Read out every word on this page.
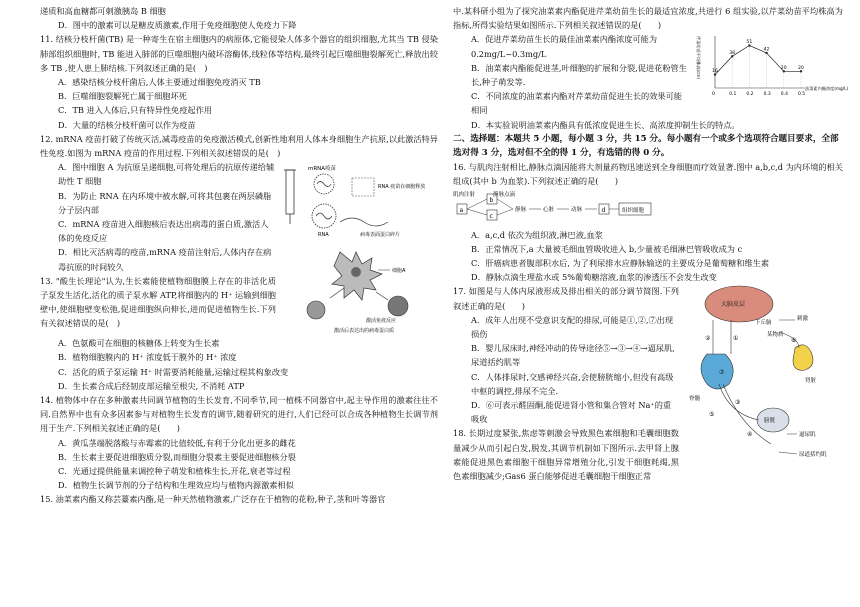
递质和高血糖都可刺激胰岛 B 细胞

D．图中的激素可以是糖皮质激素,作用于免疫细胞使人免疫力下降

11. 结核分枝杆菌(TB) 是一种寄生在宿主细胞内的病原体,它能侵染人体多个器官的组织细胞,尤其当 TB 侵染肺部组织细胞时, TB 能进入肺部的巨噬细胞内破坏溶酶体,线粒体等结构,最终引起巨噬细胞裂解死亡,释放出较多 TB ,使人患上肺结核.下列叙述正确的是(　)

A．感染结核分枝杆菌后,人体主要通过细胞免疫消灭 TB

B．巨噬细胞裂解死亡属于细胞坏死

C．TB 进入人体后,只有特异性免疫起作用

D．大量的结核分枝杆菌可以作为疫苗

12. mRNA 疫苗打破了传统灭活,减毒疫苗的免疫激活模式,创新性地利用人体本身细胞生产抗原,以此激活特异性免疫.如图为 mRNA 疫苗的作用过程.下列相关叙述错误的是(　)

mRNA疫苗
RNA
RNA 疫苗在细胞释放
病毒表面蛋白碎片
细胞A
激活免疫反应
激活后表达出的病毒蛋白质

A．图中细胞 A 为抗原呈递细胞,可将处理后的抗原传递给辅助性 T 细胞

B．为防止 RNA 在内环境中被水解,可将其包裹在两层磷脂分子层内部

C．mRNA 疫苗进入细胞核后表达出病毒的蛋白质,激活人体的免疫反应

D．相比灭活病毒的疫苗,mRNA 疫苗注射后,人体内存在病毒抗原的时间较久

13. "酸生长理论"认为,生长素能使植物细胞膜上存在的非活化质子泵发生活化,活化的质子泵水解 ATP,将细胞内的 H⁺ 运输到细胞壁中,使细胞壁变松弛,促进细胞纵向伸长,进而促进植物生长.下列有关叙述错误的是(　)

A．色氨酸可在细胞的核糖体上转变为生长素

B．植物细胞膜内的 H⁺ 浓度低于膜外的 H⁺ 浓度

C．活化的质子泵运输 H⁺ 时需要消耗能量,运输过程其构象改变

D．生长素合成后经韧皮部运输至根尖, 不消耗 ATP

14. 植物体中存在多种激素共同调节植物的生长发育,不同季节,同一植株不同器官中,起主导作用的激素往往不同.自然界中也有众多因素参与对植物生长发育的调节,随着研究的进行,人们已经可以合成各种植物生长调节剂用于生产.下列相关叙述正确的是(　　)

A．黄瓜茎端脱落酸与赤霉素的比值较低,有利于分化出更多的雌花

B．生长素主要促进细胞质分裂,而细胞分裂素主要促进细胞核分裂

C．光通过提供能量来调控种子萌发和植株生长,开花,衰老等过程

D．植物生长调节剂的分子结构和生理效应均与植物内源激素相似

15. 油菜素内酯又称芸薹素内酯,是一种天然植物激素,广泛存在于植物的花粉,种子,茎和叶等器官

中.某科研小组为了探究油菜素内酯促进芹菜幼苗生长的最适宜浓度,共进行 6 组实验,以芹菜幼苗平均株高为指标,所得实验结果如图所示.下列相关叙述错误的是(　　)

芹菜幼苗平均株高(cm)
油菜素内酯浓度(mg/L)
0	0.1 0.2 0.3 0.4 0.5
16
38
51
42
20 20

A．促进芹菜幼苗生长的最佳油菜素内酯浓度可能为 0.2mg/L~0.3mg/L

B．油菜素内酯能促进茎,叶细胞的扩展和分裂,促进花粉管生长,种子萌发等.

C．不同浓度的油菜素内酯对芹菜幼苗促进生长的效果可能相同

D．本实验说明油菜素内酯具有低浓度促进生长、高浓度抑制生长的特点。

二、选择题：本题共 5 小题，每小题 3 分，共 15 分。每小题有一个或多个选项符合题目要求，全部选对得 3 分，选对但不全的得 1 分，有选错的得 0 分。

16. 与肌肉注射相比,静脉点滴因能将大剂量药物迅速送到全身细胞而疗效显著.图中 a,b,c,d 为内环境的相关组成(其中 b 为血浆).下列叙述正确的是(　　)

肌肉注射	静脉点滴
a
c
b
静脉	心脏	动脉	d	组织细胞

A．a,c,d 依次为组织液,淋巴液,血浆

B．正常情况下,a 大量被毛细血管吸收进入 b,少量被毛细淋巴管吸收成为 c

C．肝癌病患者腹部积水后, 为了利尿排水应静脉输送的主要成分是葡萄糖和维生素

D．静脉点滴生理盐水或 5%葡萄糖溶液,血浆的渗透压不会发生改变

大脑皮层
下丘脑
刺激
某物质
肾脏
脊髓
膀胱
逼尿肌
尿道括约肌
①
②
③
④
⑤
⑥
⑦

17. 如图是与人体内尿液形成及排出相关的部分调节简图.下列叙述正确的是(　　)

A．成年人出现不受意识支配的排尿,可能是①,②,⑦出现损伤

B．婴儿尿床时,神经冲动的传导途径⑤→③→④→逼尿肌,尿道括约肌等

C．人体排尿时,交感神经兴奋,会使膀胱缩小,但没有高级中枢的调控,排尿不完全.

D．⑥可表示醛固酮,能促进肾小管和集合管对 Na⁺的重吸收

18. 长期过度紧张,焦虑等刺激会导致黑色素细胞和毛囊细胞数量减少从而引起白发,脱发,其调节机制如下图所示.去甲肾上腺素能促进黑色素细胞干细胞异常增殖分化,引发干细胞耗竭,黑色素细胞减少;Gas6 蛋白能够促进毛囊细胞干细胞正常
